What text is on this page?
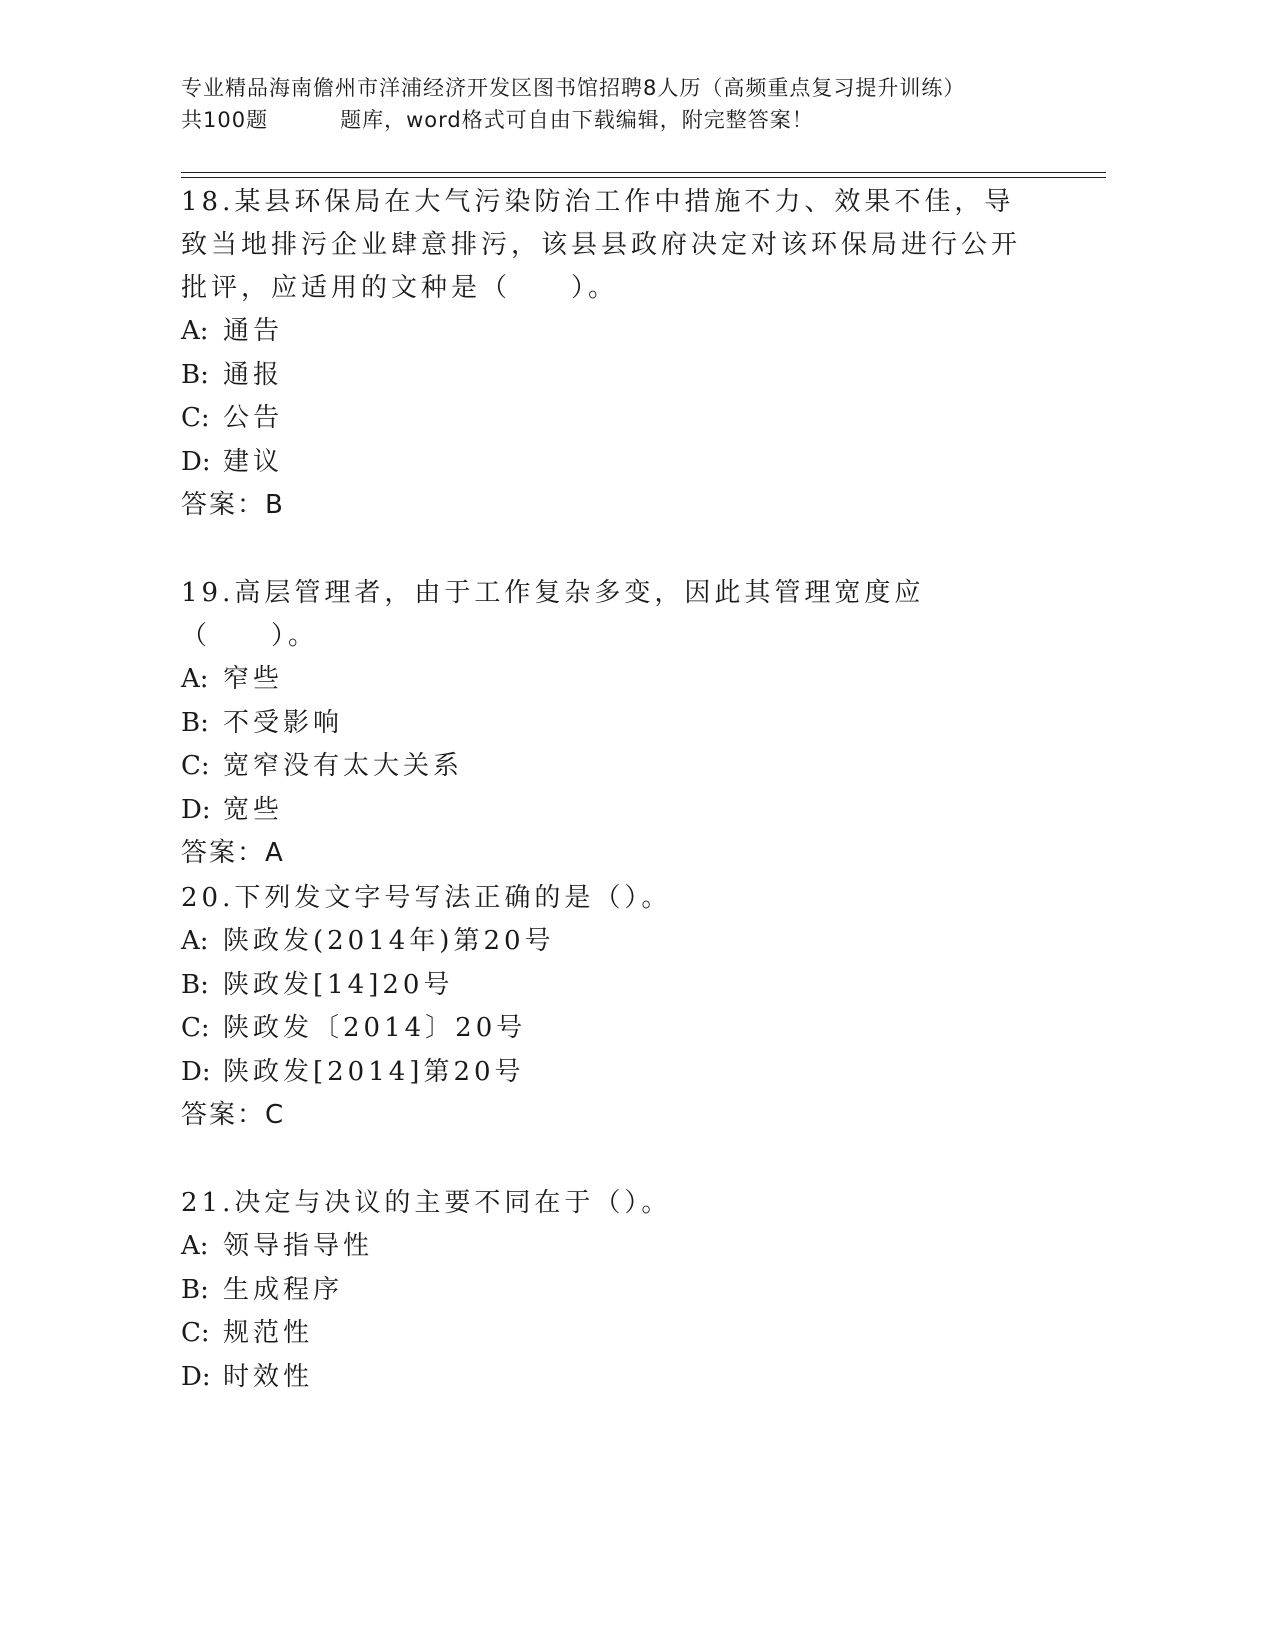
专业精品海南儋州市洋浦经济开发区图书馆招聘8人历（高频重点复习提升训练）
共100题	题库，word格式可自由下载编辑，附完整答案！

18.某县环保局在大气污染防治工作中措施不力、效果不佳，导致当地排污企业肆意排污，该县县政府决定对该环保局进行公开批评，应适用的文种是（　　）。

A: 通告
B: 通报
C: 公告
D: 建议
答案：B

19.高层管理者，由于工作复杂多变，因此其管理宽度应（　　）。

A: 窄些
B: 不受影响
C: 宽窄没有太大关系
D: 宽些
答案：A

20.下列发文字号写法正确的是（）。

A: 陕政发(2014年)第20号
B: 陕政发[14]20号
C: 陕政发〔2014〕20号
D: 陕政发[2014]第20号
答案：C

21.决定与决议的主要不同在于（）。

A: 领导指导性
B: 生成程序
C: 规范性
D: 时效性
